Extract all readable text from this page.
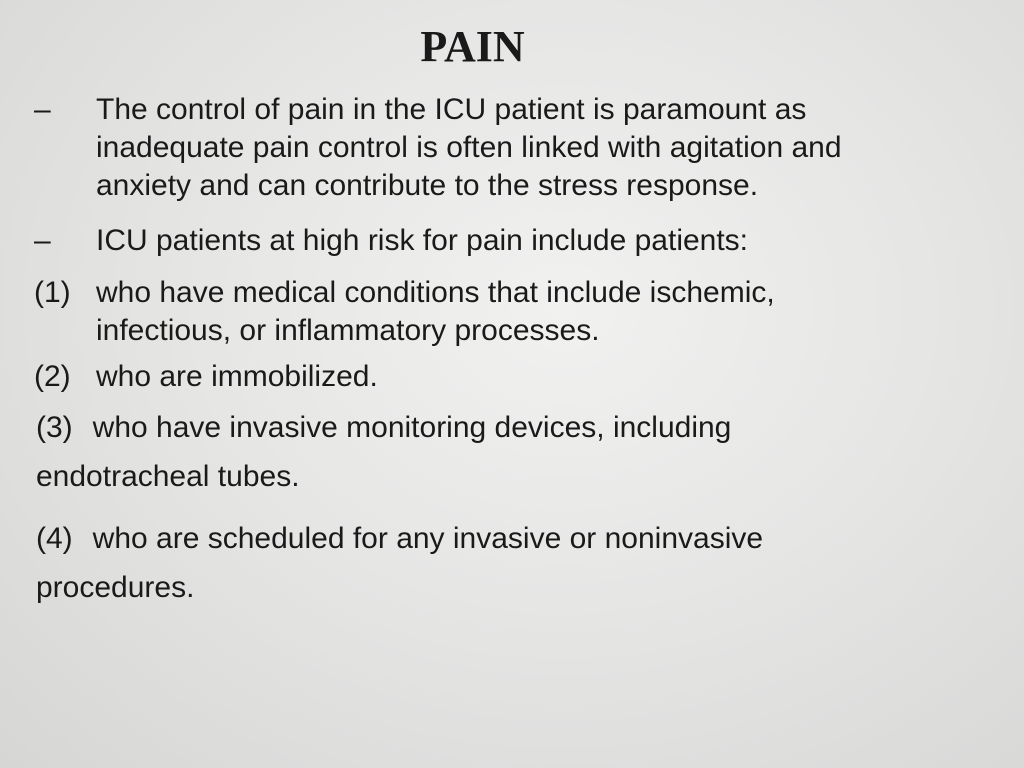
PAIN
– The control of pain in the ICU patient is paramount as
inadequate pain control is often linked with agitation and
anxiety and can contribute to the stress response.
– ICU patients at high risk for pain include patients:
(1) who have medical conditions that include ischemic,
infectious, or inflammatory processes.
(2) who are immobilized.
(3) who have invasive monitoring devices, including
endotracheal tubes.
(4) who are scheduled for any invasive or noninvasive
procedures.
